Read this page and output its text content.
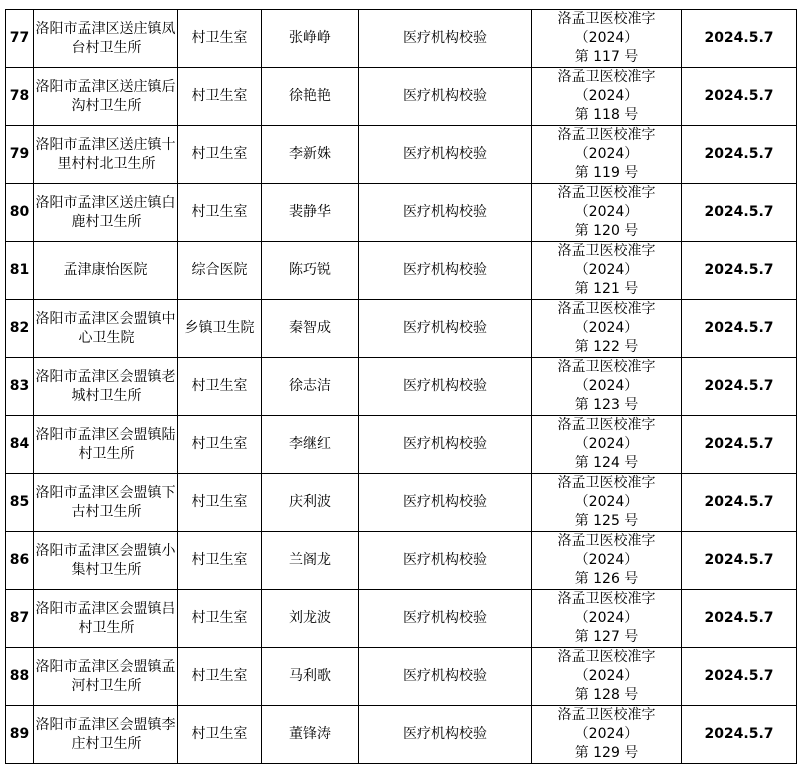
77	洛阳市孟津区送庄镇凤
台村卫生所	村卫生室	张峥峥	医疗机构校验	洛孟卫医校准字（2024）
第 117 号	2024.5.7
78	洛阳市孟津区送庄镇后
沟村卫生所	村卫生室	徐艳艳	医疗机构校验	洛孟卫医校准字（2024）
第 118 号	2024.5.7
79	洛阳市孟津区送庄镇十
里村村北卫生所	村卫生室	李新姝	医疗机构校验	洛孟卫医校准字（2024）
第 119 号	2024.5.7
80	洛阳市孟津区送庄镇白
鹿村卫生所	村卫生室	裴静华	医疗机构校验	洛孟卫医校准字（2024）
第 120 号	2024.5.7
81	孟津康怡医院	综合医院	陈巧锐	医疗机构校验	洛孟卫医校准字（2024）
第 121 号	2024.5.7
82	洛阳市孟津区会盟镇中
心卫生院	乡镇卫生院	秦智成	医疗机构校验	洛孟卫医校准字（2024）
第 122 号	2024.5.7
83	洛阳市孟津区会盟镇老
城村卫生所	村卫生室	徐志洁	医疗机构校验	洛孟卫医校准字（2024）
第 123 号	2024.5.7
84	洛阳市孟津区会盟镇陆
村卫生所	村卫生室	李继红	医疗机构校验	洛孟卫医校准字（2024）
第 124 号	2024.5.7
85	洛阳市孟津区会盟镇下
古村卫生所	村卫生室	庆利波	医疗机构校验	洛孟卫医校准字（2024）
第 125 号	2024.5.7
86	洛阳市孟津区会盟镇小
集村卫生所	村卫生室	兰阁龙	医疗机构校验	洛孟卫医校准字（2024）
第 126 号	2024.5.7
87	洛阳市孟津区会盟镇吕
村卫生所	村卫生室	刘龙波	医疗机构校验	洛孟卫医校准字（2024）
第 127 号	2024.5.7
88	洛阳市孟津区会盟镇孟
河村卫生所	村卫生室	马利歌	医疗机构校验	洛孟卫医校准字（2024）
第 128 号	2024.5.7
89	洛阳市孟津区会盟镇李
庄村卫生所	村卫生室	董锋涛	医疗机构校验	洛孟卫医校准字（2024）
第 129 号	2024.5.7
